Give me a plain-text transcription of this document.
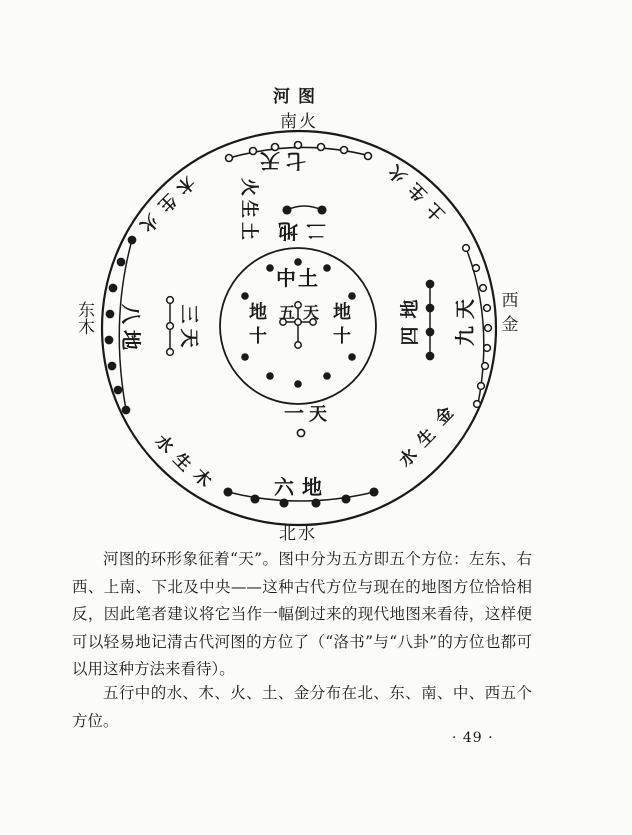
河图
南火
北水
东木	西
金
七天
二地
火
生
土
中土
地
十
地
十
五 天
三
天
八
地
地
四
天
九
一 天
六地
木
生
火
火
生
土
水
生
木
金
生
水

河图的环形象征着“天”。图中分为五方即五个方位：左东、右西、上南、下北及中央——这种古代方位与现在的地图方位恰恰相反，因此笔者建议将它当作一幅倒过来的现代地图来看待，这样便可以轻易地记清古代河图的方位了（“洛书”与“八卦”的方位也都可以用这种方法来看待）。

五行中的水、木、火、土、金分布在北、东、南、中、西五个方位。

· 49 ·
